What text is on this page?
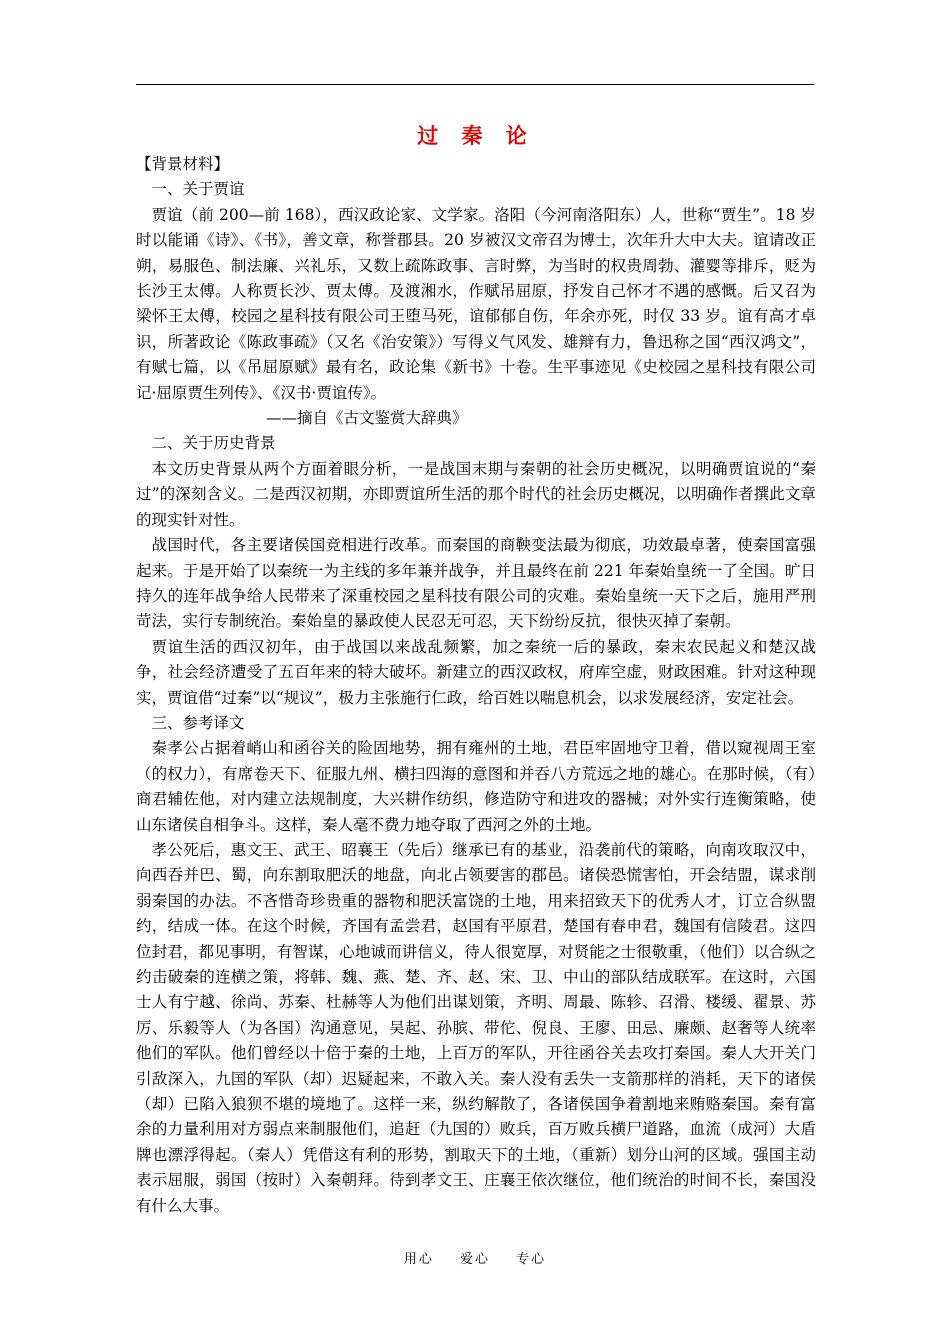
过 秦 论

【背景材料】

一、关于贾谊

贾谊（前 200—前 168），西汉政论家、文学家。洛阳（今河南洛阳东）人，世称“贾生”。18 岁时以能诵《诗》、《书》，善文章，称誉郡县。20 岁被汉文帝召为博士，次年升大中大夫。谊请改正朔，易服色、制法廉、兴礼乐，又数上疏陈政事、言时弊，为当时的权贵周勃、灌婴等排斥，贬为长沙王太傅。人称贾长沙、贾太傅。及渡湘水，作赋吊屈原，抒发自己怀才不遇的感慨。后又召为梁怀王太傅，校园之星科技有限公司王堕马死，谊郁郁自伤，年余亦死，时仅 33 岁。谊有高才卓识，所著政论《陈政事疏》（又名《治安策》）写得义气风发、雄辩有力，鲁迅称之国“西汉鸿文”，有赋七篇，以《吊屈原赋》最有名，政论集《新书》十卷。生平事迹见《史校园之星科技有限公司记·屈原贾生列传》、《汉书·贾谊传》。

——摘自《古文鉴赏大辞典》

二、关于历史背景

本文历史背景从两个方面着眼分析，一是战国末期与秦朝的社会历史概况，以明确贾谊说的“秦过”的深刻含义。二是西汉初期，亦即贾谊所生活的那个时代的社会历史概况，以明确作者撰此文章的现实针对性。

战国时代，各主要诸侯国竞相进行改革。而秦国的商鞅变法最为彻底，功效最卓著，使秦国富强起来。于是开始了以秦统一为主线的多年兼并战争，并且最终在前 221 年秦始皇统一了全国。旷日持久的连年战争给人民带来了深重校园之星科技有限公司的灾难。秦始皇统一天下之后，施用严刑苛法，实行专制统治。秦始皇的暴政使人民忍无可忍，天下纷纷反抗，很快灭掉了秦朝。

贾谊生活的西汉初年，由于战国以来战乱频繁，加之秦统一后的暴政，秦末农民起义和楚汉战争，社会经济遭受了五百年来的特大破坏。新建立的西汉政权，府库空虚，财政困难。针对这种现实，贾谊借“过秦”以“规议”，极力主张施行仁政，给百姓以喘息机会，以求发展经济，安定社会。

三、参考译文

秦孝公占据着峭山和函谷关的险固地势，拥有雍州的土地，君臣牢固地守卫着，借以窥视周王室（的权力），有席卷天下、征服九州、横扫四海的意图和并吞八方荒远之地的雄心。在那时候，（有）商君辅佐他，对内建立法规制度，大兴耕作纺织，修造防守和进攻的器械；对外实行连衡策略，使山东诸侯自相争斗。这样，秦人毫不费力地夺取了西河之外的土地。

孝公死后，惠文王、武王、昭襄王（先后）继承已有的基业，沿袭前代的策略，向南攻取汉中，向西吞并巴、蜀，向东割取肥沃的地盘，向北占领要害的郡邑。诸侯恐慌害怕，开会结盟，谋求削弱秦国的办法。不吝惜奇珍贵重的器物和肥沃富饶的土地，用来招致天下的优秀人才，订立合纵盟约，结成一体。在这个时候，齐国有孟尝君，赵国有平原君，楚国有春申君，魏国有信陵君。这四位封君，都见事明，有智谋，心地诚而讲信义，待人很宽厚，对贤能之士很敬重，（他们）以合纵之约击破秦的连横之策，将韩、魏、燕、楚、齐、赵、宋、卫、中山的部队结成联军。在这时，六国士人有宁越、徐尚、苏秦、杜赫等人为他们出谋划策，齐明、周最、陈轸、召滑、楼缓、翟景、苏厉、乐毅等人（为各国）沟通意见，吴起、孙膑、带佗、倪良、王廖、田忌、廉颇、赵奢等人统率他们的军队。他们曾经以十倍于秦的土地，上百万的军队，开往函谷关去攻打秦国。秦人大开关门引敌深入，九国的军队（却）迟疑起来，不敢入关。秦人没有丢失一支箭那样的消耗，天下的诸侯（却）已陷入狼狈不堪的境地了。这样一来，纵约解散了，各诸侯国争着割地来贿赂秦国。秦有富余的力量利用对方弱点来制服他们，追赶（九国的）败兵，百万败兵横尸道路，血流（成河）大盾牌也漂浮得起。（秦人）凭借这有利的形势，割取天下的土地，（重新）划分山河的区域。强国主动表示屈服，弱国（按时）入秦朝拜。待到孝文王、庄襄王依次继位，他们统治的时间不长，秦国没有什么大事。

用心 爱心 专心
